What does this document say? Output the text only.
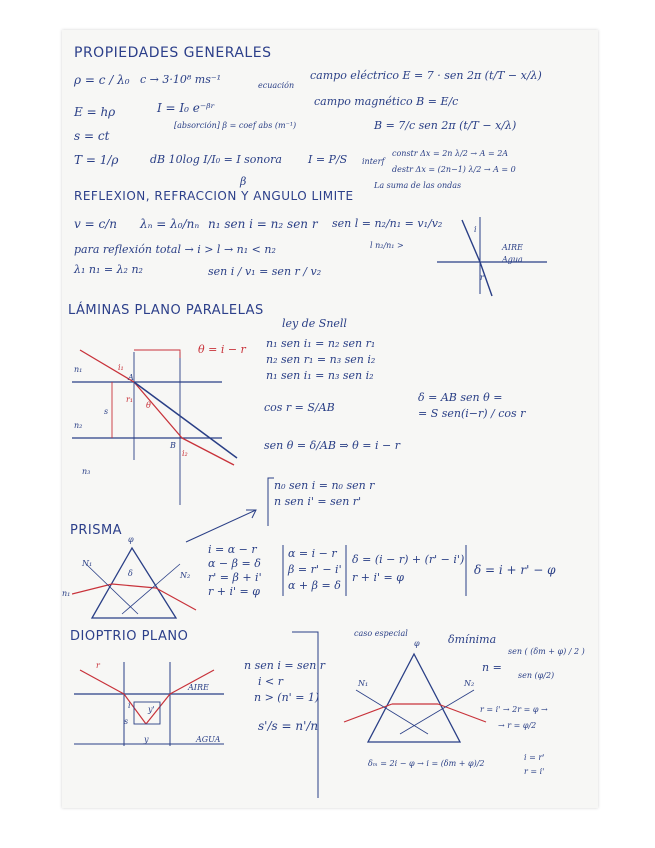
PROPIEDADES GENERALES
ρ = c / λ₀ c → 3·10⁸ ms⁻¹
E = hρ	I = I₀ e⁻ᵝʳ
[absorción] β = coef abs (m⁻¹)
s = ct
T = 1/ρ	dB 10log I/I₀ = I sonora I = P/S
β
ecuación
campo eléctrico E = 7 · sen 2π (t/T − x/λ)
campo magnético B = E/c
B = 7/c sen 2π (t/T − x/λ)
interf
constr Δx = 2n λ/2 → A = 2A
destr Δx = (2n−1) λ/2 → A = 0
La suma de las ondas
REFLEXION, REFRACCION Y ANGULO LIMITE
v = c/n λₙ = λ₀/nₙ n₁ sen i = n₂ sen r sen l = n₂/n₁ = v₁/v₂
l n₂/n₁ >
para reflexión total → i > l → n₁ < n₂
λ₁ n₁ = λ₂ n₂	sen i / v₁ = sen r / v₂
i
r
AIRE
Agua
LÁMINAS PLANO PARALELAS
θ = i − r
n₁
n₂
n₃
A
B
s
i₁
r₁
i₂
θ
ley de Snell
n₁ sen i₁ = n₂ sen r₁
n₂ sen r₁ = n₃ sen i₂
n₁ sen i₁ = n₃ sen i₂
cos r = S/AB
sen θ = δ/AB ⇒ θ = i − r
δ = AB sen θ =
= S sen(i−r) / cos r
n₀ sen i = n₀ sen r
n sen i' = sen r'
PRISMA
φ
n₁
N₁
N₂
δ
i = α − r
α − β = δ
r' = β + i'
r + i' = φ
α = i − r
β = r' − i'
α + β = δ
δ = (i − r) + (r' − i')
r + i' = φ
δ = i + r' − φ
DIOPTRIO PLANO
r
i
s
y
y'
AIRE
AGUA
n sen i = sen r
i < r
n > (n' = 1)
s'/s = n'/n
caso especial
φ
N₁	N₂
δmínima
n =
sen ( (δm + φ) / 2 )
sen (φ/2)
r = i' → 2r = φ →
→ r = φ/2
δₘ = 2i − φ → i = (δm + φ)/2
i = r'
r = i'
